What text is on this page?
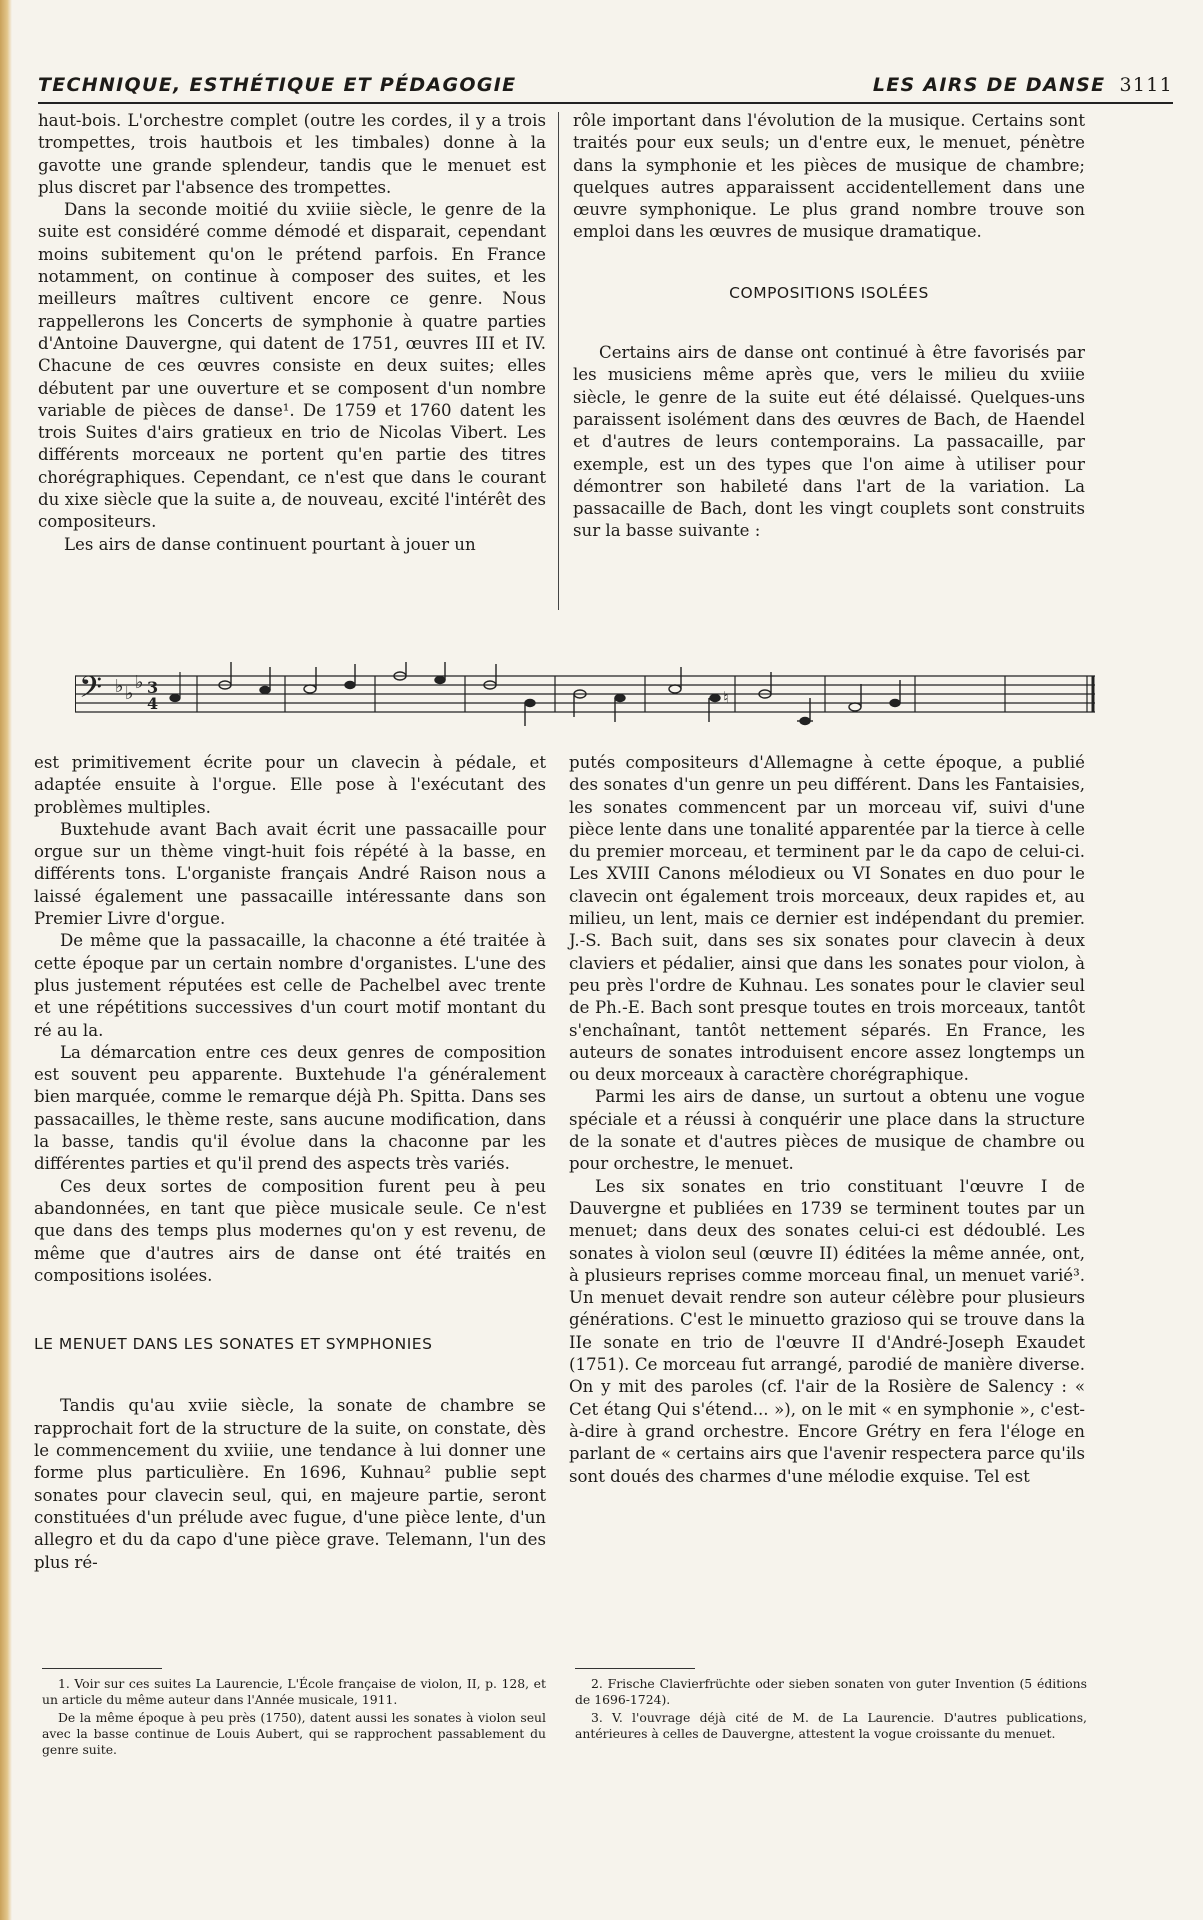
TECHNIQUE, ESTHÉTIQUE ET PÉDAGOGIE	LES AIRS DE DANSE 3111

haut-bois. L'orchestre complet (outre les cordes, il y a trois trompettes, trois hautbois et les timbales) donne à la gavotte une grande splendeur, tandis que le menuet est plus discret par l'absence des trompettes.

Dans la seconde moitié du xviiie siècle, le genre de la suite est considéré comme démodé et disparait, cependant moins subitement qu'on le prétend parfois. En France notamment, on continue à composer des suites, et les meilleurs maîtres cultivent encore ce genre. Nous rappellerons les Concerts de symphonie à quatre parties d'Antoine Dauvergne, qui datent de 1751, œuvres III et IV. Chacune de ces œuvres consiste en deux suites; elles débutent par une ouverture et se composent d'un nombre variable de pièces de danse¹. De 1759 et 1760 datent les trois Suites d'airs gratieux en trio de Nicolas Vibert. Les différents morceaux ne portent qu'en partie des titres chorégraphiques. Cependant, ce n'est que dans le courant du xixe siècle que la suite a, de nouveau, excité l'intérêt des compositeurs.

Les airs de danse continuent pourtant à jouer un

rôle important dans l'évolution de la musique. Certains sont traités pour eux seuls; un d'entre eux, le menuet, pénètre dans la symphonie et les pièces de musique de chambre; quelques autres apparaissent accidentellement dans une œuvre symphonique. Le plus grand nombre trouve son emploi dans les œuvres de musique dramatique.

COMPOSITIONS ISOLÉES

Certains airs de danse ont continué à être favorisés par les musiciens même après que, vers le milieu du xviiie siècle, le genre de la suite eut été délaissé. Quelques-uns paraissent isolément dans des œuvres de Bach, de Haendel et d'autres de leurs contemporains. La passacaille, par exemple, est un des types que l'on aime à utiliser pour démontrer son habileté dans l'art de la variation. La passacaille de Bach, dont les vingt couplets sont construits sur la basse suivante :

𝄢 ♭ ♭
♭ 3
4	♮

est primitivement écrite pour un clavecin à pédale, et adaptée ensuite à l'orgue. Elle pose à l'exécutant des problèmes multiples.

Buxtehude avant Bach avait écrit une passacaille pour orgue sur un thème vingt-huit fois répété à la basse, en différents tons. L'organiste français André Raison nous a laissé également une passacaille intéressante dans son Premier Livre d'orgue.

De même que la passacaille, la chaconne a été traitée à cette époque par un certain nombre d'organistes. L'une des plus justement réputées est celle de Pachelbel avec trente et une répétitions successives d'un court motif montant du ré au la.

La démarcation entre ces deux genres de composition est souvent peu apparente. Buxtehude l'a généralement bien marquée, comme le remarque déjà Ph. Spitta. Dans ses passacailles, le thème reste, sans aucune modification, dans la basse, tandis qu'il évolue dans la chaconne par les différentes parties et qu'il prend des aspects très variés.

Ces deux sortes de composition furent peu à peu abandonnées, en tant que pièce musicale seule. Ce n'est que dans des temps plus modernes qu'on y est revenu, de même que d'autres airs de danse ont été traités en compositions isolées.

LE MENUET DANS LES SONATES ET SYMPHONIES

Tandis qu'au xviie siècle, la sonate de chambre se rapprochait fort de la structure de la suite, on constate, dès le commencement du xviiie, une tendance à lui donner une forme plus particulière. En 1696, Kuhnau² publie sept sonates pour clavecin seul, qui, en majeure partie, seront constituées d'un prélude avec fugue, d'une pièce lente, d'un allegro et du da capo d'une pièce grave. Telemann, l'un des plus ré-

putés compositeurs d'Allemagne à cette époque, a publié des sonates d'un genre un peu différent. Dans les Fantaisies, les sonates commencent par un morceau vif, suivi d'une pièce lente dans une tonalité apparentée par la tierce à celle du premier morceau, et terminent par le da capo de celui-ci. Les XVIII Canons mélodieux ou VI Sonates en duo pour le clavecin ont également trois morceaux, deux rapides et, au milieu, un lent, mais ce dernier est indépendant du premier. J.-S. Bach suit, dans ses six sonates pour clavecin à deux claviers et pédalier, ainsi que dans les sonates pour violon, à peu près l'ordre de Kuhnau. Les sonates pour le clavier seul de Ph.-E. Bach sont presque toutes en trois morceaux, tantôt s'enchaînant, tantôt nettement séparés. En France, les auteurs de sonates introduisent encore assez longtemps un ou deux morceaux à caractère chorégraphique.

Parmi les airs de danse, un surtout a obtenu une vogue spéciale et a réussi à conquérir une place dans la structure de la sonate et d'autres pièces de musique de chambre ou pour orchestre, le menuet.

Les six sonates en trio constituant l'œuvre I de Dauvergne et publiées en 1739 se terminent toutes par un menuet; dans deux des sonates celui-ci est dédoublé. Les sonates à violon seul (œuvre II) éditées la même année, ont, à plusieurs reprises comme morceau final, un menuet varié³. Un menuet devait rendre son auteur célèbre pour plusieurs générations. C'est le minuetto grazioso qui se trouve dans la IIe sonate en trio de l'œuvre II d'André-Joseph Exaudet (1751). Ce morceau fut arrangé, parodié de manière diverse. On y mit des paroles (cf. l'air de la Rosière de Salency : « Cet étang Qui s'étend... »), on le mit « en symphonie », c'est-à-dire à grand orchestre. Encore Grétry en fera l'éloge en parlant de « certains airs que l'avenir respectera parce qu'ils sont doués des charmes d'une mélodie exquise. Tel est

1. Voir sur ces suites La Laurencie, L'École française de violon, II, p. 128, et un article du même auteur dans l'Année musicale, 1911.

De la même époque à peu près (1750), datent aussi les sonates à violon seul avec la basse continue de Louis Aubert, qui se rapprochent passablement du genre suite.

2. Frische Clavierfrüchte oder sieben sonaten von guter Invention (5 éditions de 1696-1724).

3. V. l'ouvrage déjà cité de M. de La Laurencie. D'autres publications, antérieures à celles de Dauvergne, attestent la vogue croissante du menuet.
